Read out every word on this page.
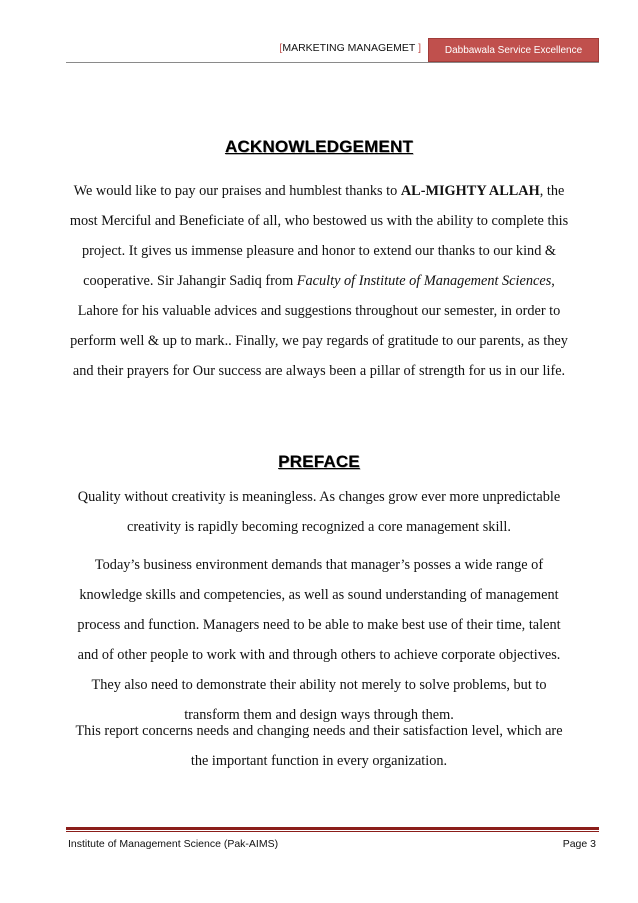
[MARKETING MANAGEMET ]	Dabbawala Service Excellence
ACKNOWLEDGEMENT

We would like to pay our praises and humblest thanks to AL-MIGHTY ALLAH, the most Merciful and Beneficiate of all, who bestowed us with the ability to complete this project. It gives us immense pleasure and honor to extend our thanks to our kind & cooperative. Sir Jahangir Sadiq from Faculty of Institute of Management Sciences, Lahore for his valuable advices and suggestions throughout our semester, in order to perform well & up to mark.. Finally, we pay regards of gratitude to our parents, as they and their prayers for Our success are always been a pillar of strength for us in our life.

PREFACE

Quality without creativity is meaningless. As changes grow ever more unpredictable creativity is rapidly becoming recognized a core management skill.

Today’s business environment demands that manager’s posses a wide range of knowledge skills and competencies, as well as sound understanding of management process and function. Managers need to be able to make best use of their time, talent and of other people to work with and through others to achieve corporate objectives. They also need to demonstrate their ability not merely to solve problems, but to transform them and design ways through them.

This report concerns needs and changing needs and their satisfaction level, which are the important function in every organization.

Institute of Management Science (Pak-AIMS)	Page 3
